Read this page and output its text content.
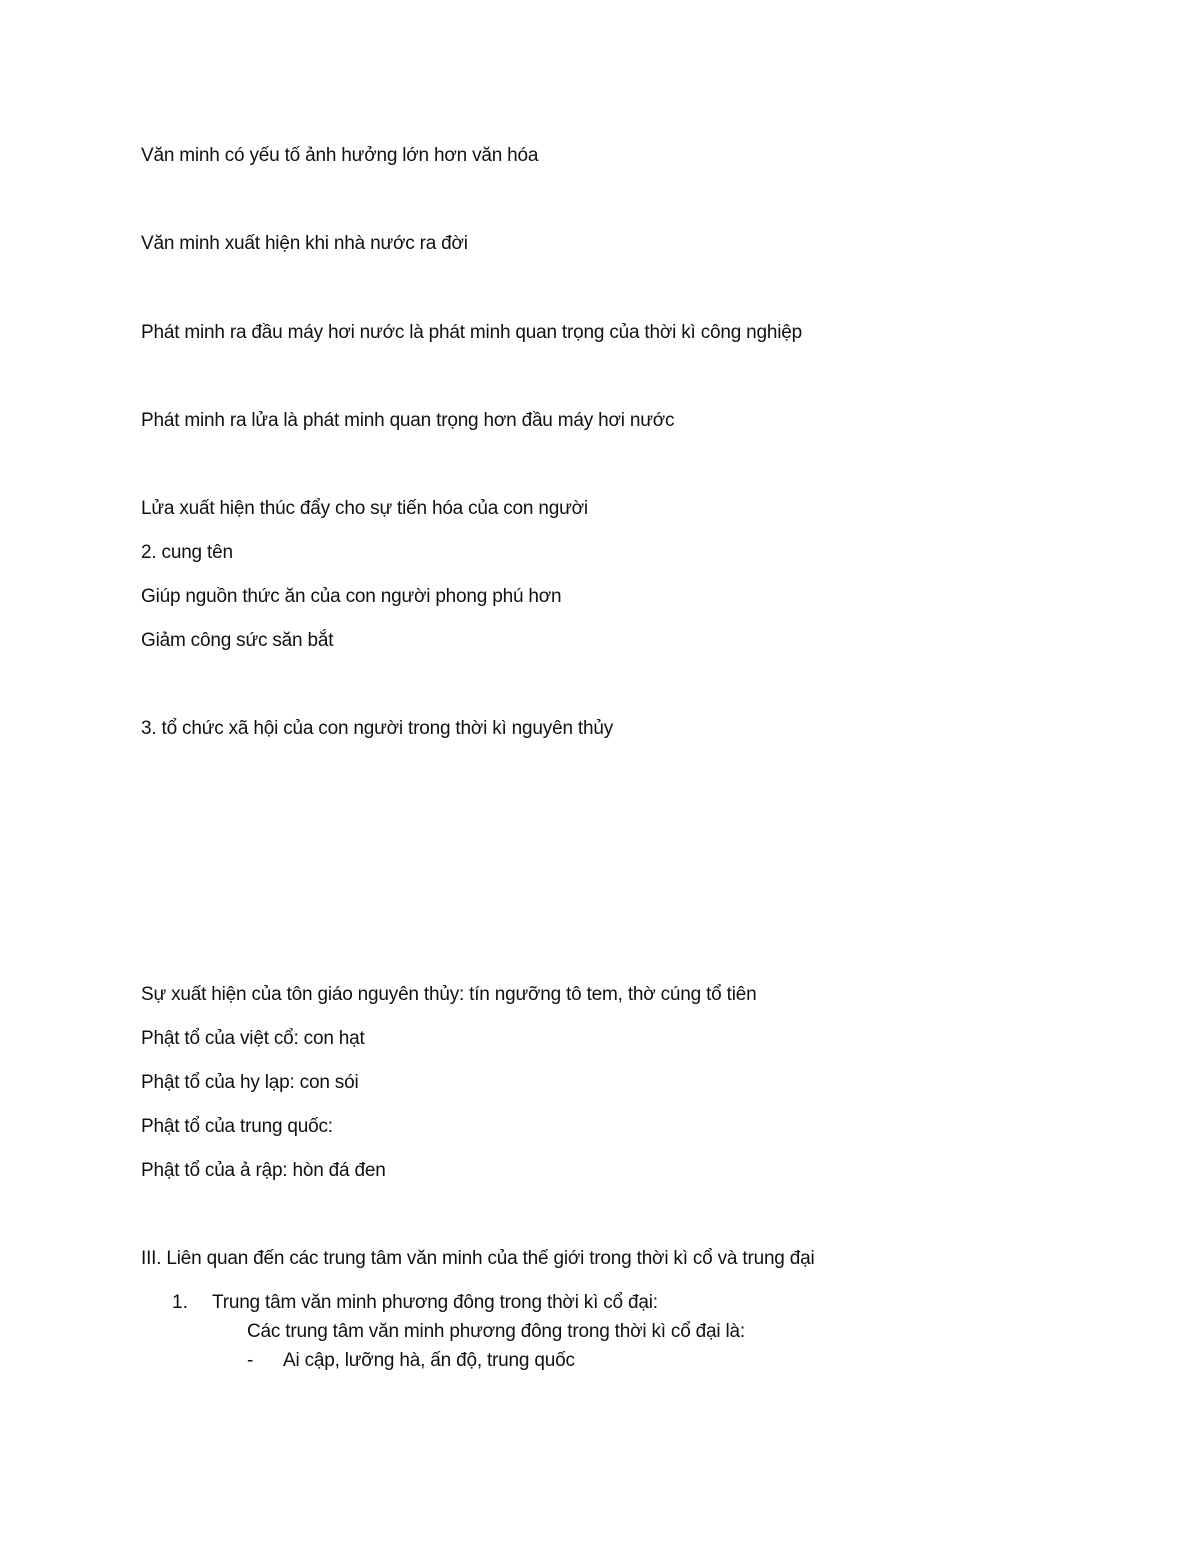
Văn minh có yếu tố ảnh hưởng lớn hơn văn hóa
Văn minh xuất hiện khi nhà nước ra đời
Phát minh ra đầu máy hơi nước là phát minh quan trọng của thời kì công nghiệp
Phát minh ra lửa là phát minh quan trọng hơn đầu máy hơi nước
Lửa xuất hiện thúc đẩy cho sự tiến hóa của con người
2. cung tên
Giúp nguồn thức ăn của con người phong phú hơn
Giảm công sức săn bắt
3. tổ chức xã hội của con người trong thời kì nguyên thủy
Sự xuất hiện của tôn giáo nguyên thủy: tín ngưỡng tô tem, thờ cúng tổ tiên
Phật tổ của việt cổ: con hạt
Phật tổ của hy lạp: con sói
Phật tổ của trung quốc:
Phật tổ của ả rập: hòn đá đen
III. Liên quan đến các trung tâm văn minh của thế giới trong thời kì cổ và trung đại
1. Trung tâm văn minh phương đông trong thời kì cổ đại:
Các trung tâm văn minh phương đông trong thời kì cổ đại là:
- Ai cập, lưỡng hà, ấn độ, trung quốc
